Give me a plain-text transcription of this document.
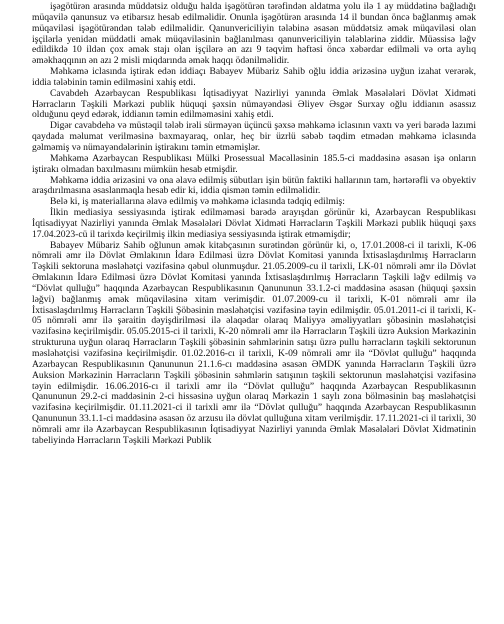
işəgötürən arasında müddətsiz olduğu halda işəgötürən tərəfindən aldatma yolu ilə 1 ay müddətinə bağladığı müqavilə qanunsuz və etibarsız hesab edilməlidir. Onunla işəgötürən arasında 14 il bundan öncə bağlanmış əmək müqaviləsi işəgötürəndən tələb edilməlidir. Qanunvericiliyin tələbinə əsasən müddətsiz əmək müqaviləsi olan işçilərlə yenidən müddətli əmək müqaviləsinin bağlanılması qanunvericiliyin tələblərinə ziddir. Müəssisə ləğv edildikdə 10 ildən çox əmək stajı olan işçilərə ən azı 9 təqvim həftəsi öncə xəbərdar edilməli və orta aylıq əməkhaqqının ən azı 2 misli miqdarında əmək haqqı ödənilməlidir.

Məhkəmə iclasında iştirak edən iddiaçı Babayev Mübariz Sahib oğlu iddia ərizəsinə uyğun izahat verərək, iddia tələbinin təmin edilməsini xahiş etdi.

Cavabdeh Azərbaycan Respublikası İqtisadiyyat Nazirliyi yanında Əmlak Məsələləri Dövlət Xidməti Hərracların Təşkili Mərkəzi publik hüquqi şəxsin nümayəndəsi Əliyev Əsgər Surxay oğlu iddianın əsassız olduğunu qeyd edərək, iddianın təmin edilməməsini xahiş etdi.

Digər cavabdehə və müstəqil tələb irəli sürməyən üçüncü şəxsə məhkəmə iclasının vaxtı və yeri barədə lazımi qaydada məlumat verilməsinə baxmayaraq, onlar, heç bir üzrlü səbəb təqdim etmədən məhkəmə iclasında gəlməmiş və nümayəndələrinin iştirakını təmin etməmişlər.

Məhkəmə Azərbaycan Respublikası Mülki Prosessual Məcəlləsinin 185.5-ci maddəsinə əsasən işə onların iştirakı olmadan baxılmasını mümkün hesab etmişdir.

Məhkəmə iddia ərizəsini və ona əlavə edilmiş sübutları işin bütün faktiki hallarının tam, hərtərəfli və obyektiv araşdırılmasına əsaslanmaqla hesab edir ki, iddia qismən təmin edilməlidir.

Belə ki, iş materiallarına əlavə edilmiş və məhkəmə iclasında tədqiq edilmiş:

İlkin mediasiya sessiyasında iştirak edilməməsi barədə arayışdan görünür ki, Azərbaycan Respublikası İqtisadiyyat Nazirliyi yanında Əmlak Məsələləri Dövlət Xidməti Hərracların Təşkili Mərkəzi publik hüquqi şəxs 17.04.2023-cü il tarixdə keçirilmiş ilkin mediasiya sessiyasında iştirak etməmişdir;

Babayev Mübariz Sahib oğlunun əmək kitabçasının surətindən görünür ki, o, 17.01.2008-ci il tarixli, K-06 nömrəli əmr ilə Dövlət Əmlakının İdarə Edilməsi üzrə Dövlət Komitəsi yanında İxtisaslaşdırılmış Hərracların Təşkili sektoruna məsləhətçi vəzifəsinə qəbul olunmuşdur. 21.05.2009-cu il tarixli, LK-01 nömrəli əmr ilə Dövlət Əmlakının İdarə Edilməsi üzrə Dövlət Komitəsi yanında İxtisaslaşdırılmış Hərracların Təşkili ləğv edilmiş və “Dövlət qulluğu” haqqında Azərbaycan Respublikasının Qanununun 33.1.2-ci maddəsinə əsasən (hüquqi şəxsin ləğvi) bağlanmış əmək müqaviləsinə xitam verimişdir. 01.07.2009-cu il tarixli, K-01 nömrəli əmr ilə İxtisaslaşdırılmış Hərracların Təşkili Şöbəsinin məsləhətçisi vəzifəsinə təyin edilmişdir. 05.01.2011-ci il tarixli, K-05 nömrəli əmr ilə şəraitin dəyişdirilməsi ilə əlaqədar olaraq Maliyyə əməliyyatları şöbəsinin məsləhətçisi vəzifəsinə keçirilmişdir. 05.05.2015-ci il tarixli, K-20 nömrəli əmr ilə Hərracların Təşkili üzrə Auksion Mərkəzinin strukturuna uyğun olaraq Hərracların Təşkili şöbəsinin səhmlərinin satışı üzrə pullu hərracların təşkili sektorunun məsləhətçisi vəzifəsinə keçirilmişdir. 01.02.2016-cı il tarixli, K-09 nömrəli əmr ilə “Dövlət qulluğu” haqqında Azərbaycan Respublikasının Qanununun 21.1.6-cı maddəsinə əsasən ƏMDK yanında Hərracların Təşkili üzrə Auksion Mərkəzinin Hərracların Təşkili şöbəsinin səhmlərin satışının təşkili sektorunun məsləhətçisi vəzifəsinə təyin edilmişdir. 16.06.2016-cı il tarixli əmr ilə “Dövlət qulluğu” haqqında Azərbaycan Respublikasının Qanununun 29.2-ci maddəsinin 2-ci hissəsinə uyğun olaraq Mərkəzin 1 saylı zona bölməsinin baş məsləhətçisi vəzifəsinə keçirilmişdir. 01.11.2021-ci il tarixli əmr ilə “Dövlət qulluğu” haqqında Azərbaycan Respublikasının Qanununun 33.1.1-ci maddəsinə əsasən öz arzusu ilə dövlət qulluğuna xitam verilmişdir. 17.11.2021-ci il tarixli, 30 nömrəli əmr ilə Azərbaycan Respublikasının İqtisadiyyat Nazirliyi yanında Əmlak Məsələləri Dövlət Xidmətinin tabeliyində Hərracların Təşkili Mərkəzi Publik
